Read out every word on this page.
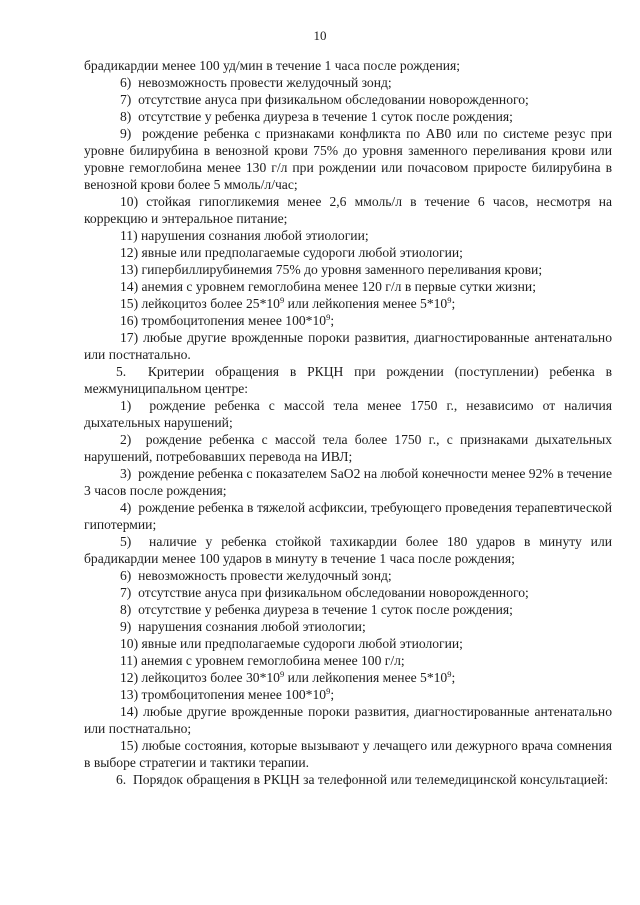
10

брадикардии менее 100 уд/мин в течение 1 часа после рождения;

6)  невозможность провести желудочный зонд;

7)  отсутствие ануса при физикальном обследовании новорожденного;

8)  отсутствие у ребенка диуреза в течение 1 суток после рождения;

9)  рождение ребенка с признаками конфликта по АВ0 или по системе резус при уровне билирубина в венозной крови 75% до уровня заменного переливания крови или уровне гемоглобина менее 130 г/л при рождении или почасовом приросте билирубина в венозной крови более 5 ммоль/л/час;

10) стойкая гипогликемия менее 2,6 ммоль/л в течение 6 часов, несмотря на коррекцию и энтеральное питание;

11) нарушения сознания любой этиологии;

12) явные или предполагаемые судороги любой этиологии;

13) гипербиллирубинемия 75% до уровня заменного переливания крови;

14) анемия с уровнем гемоглобина менее 120 г/л в первые сутки жизни;

15) лейкоцитоз более $25*10^9$ или лейкопения менее $5*10^9$;

16) тромбоцитопения менее $100*10^9$;

17) любые другие врожденные пороки развития, диагностированные антенатально или постнатально.

5.  Критерии обращения в РКЦН при рождении (поступлении) ребенка в межмуниципальном центре:

1)  рождение ребенка с массой тела менее 1750 г., независимо от наличия дыхательных нарушений;

2)  рождение ребенка с массой тела более 1750 г., с признаками дыхательных нарушений, потребовавших перевода на ИВЛ;

3)  рождение ребенка с показателем SaO2 на любой конечности менее 92% в течение 3 часов после рождения;

4)  рождение ребенка в тяжелой асфиксии, требующего проведения терапевтической гипотермии;

5)  наличие у ребенка стойкой тахикардии более 180 ударов в минуту или брадикардии менее 100 ударов в минуту в течение 1 часа после рождения;

6)  невозможность провести желудочный зонд;

7)  отсутствие ануса при физикальном обследовании новорожденного;

8)  отсутствие у ребенка диуреза в течение 1 суток после рождения;

9)  нарушения сознания любой этиологии;

10) явные или предполагаемые судороги любой этиологии;

11) анемия с уровнем гемоглобина менее 100 г/л;

12) лейкоцитоз более $30*10^9$ или лейкопения менее $5*10^9$;

13) тромбоцитопения менее $100*10^9$;

14) любые другие врожденные пороки развития, диагностированные антенатально или постнатально;

15) любые состояния, которые вызывают у лечащего или дежурного врача сомнения в выборе стратегии и тактики терапии.

6.  Порядок обращения в РКЦН за телефонной или телемедицинской консультацией:
